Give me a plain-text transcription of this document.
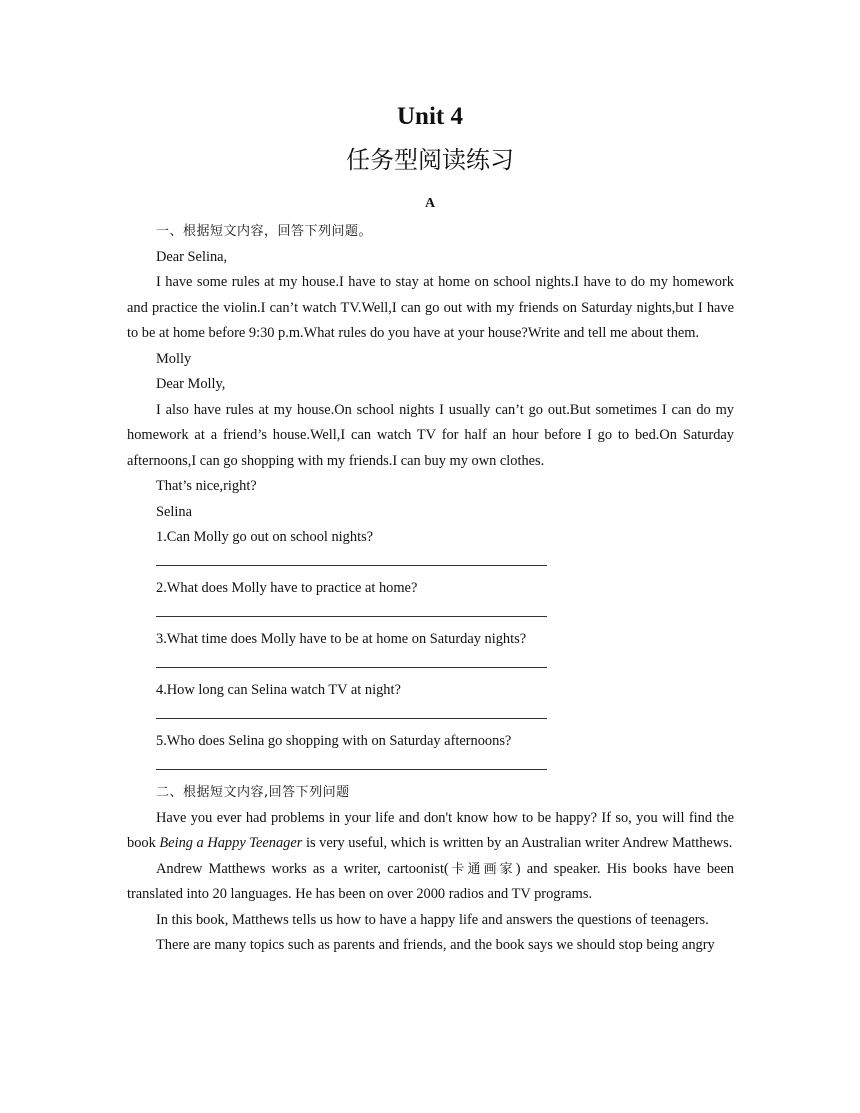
Unit 4
任务型阅读练习
A

一、根据短文内容，回答下列问题。

Dear Selina,

I have some rules at my house.I have to stay at home on school nights.I have to do my homework and practice the violin.I can’t watch TV.Well,I can go out with my friends on Saturday nights,but I have to be at home before 9:30 p.m.What rules do you have at your house?Write and tell me about them.

Molly

Dear Molly,

I also have rules at my house.On school nights I usually can’t go out.But sometimes I can do my homework at a friend’s house.Well,I can watch TV for half an hour before I go to bed.On Saturday afternoons,I can go shopping with my friends.I can buy my own clothes.

That’s nice,right?

Selina

1.Can Molly go out on school nights?

2.What does Molly have to practice at home?

3.What time does Molly have to be at home on Saturday nights?

4.How long can Selina watch TV at night?

5.Who does Selina go shopping with on Saturday afternoons?

二、根据短文内容,回答下列问题

Have you ever had problems in your life and don't know how to be happy? If so, you will find the book Being a Happy Teenager is very useful, which is written by an Australian writer Andrew Matthews.

Andrew Matthews works as a writer, cartoonist(卡通画家) and speaker. His books have been translated into 20 languages. He has been on over 2000 radios and TV programs.

In this book, Matthews tells us how to have a happy life and answers the questions of teenagers.

There are many topics such as parents and friends, and the book says we should stop being angry
